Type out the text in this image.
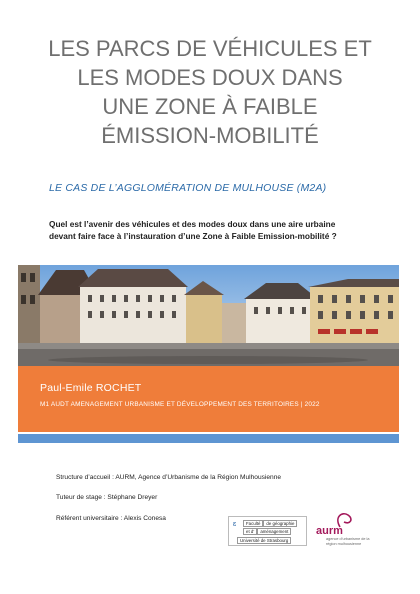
LES PARCS DE VÉHICULES ET
LES MODES DOUX DANS
UNE ZONE À FAIBLE
ÉMISSION-MOBILITÉ
LE CAS DE L’AGGLOMÉRATION DE MULHOUSE (M2A)
Quel est l’avenir des véhicules et des modes doux dans une aire urbaine
devant faire face à l’instauration d’une Zone à Faible Emission-mobilité ?
Paul-Emile ROCHET
M1 AUDT AMENAGEMENT URBANISME ET DÉVELOPPEMENT DES TERRITOIRES | 2022
Structure d’accueil : AURM, Agence d’Urbanisme de la Région Mulhousienne
Tuteur de stage : Stéphane Dreyer
Référent universitaire : Alexis Conesa
ɛ	Faculté de géographie
et d’ aménagement
Université de Strasbourg
aurm
agence d’urbanisme de la région mulhousienne
